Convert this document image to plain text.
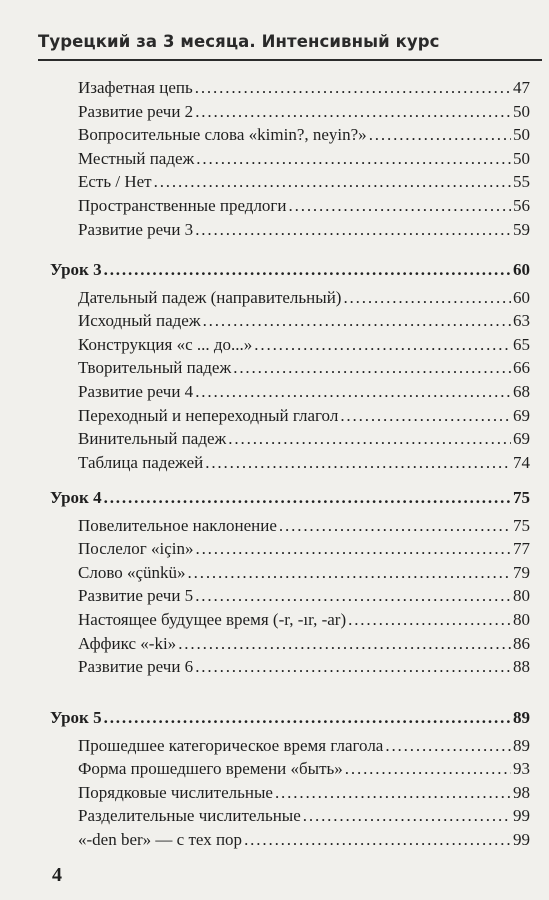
Турецкий за 3 месяца. Интенсивный курс
Изафетная цепь . . .	47
Развитие речи 2 . . .	50
Вопросительные слова «kimin?, neyin?» . . .	50
Местный падеж . . .	50
Есть / Нет . . .	55
Пространственные предлоги . . .	56
Развитие речи 3 . . .	59
Урок 3 . . .	60
Дательный падеж (направительный) . . .	60
Исходный падеж . . .	63
Конструкция «с ... до...» . . .	65
Творительный падеж . . .	66
Развитие речи 4 . . .	68
Переходный и непереходный глагол . . .	69
Винительный падеж . . .	69
Таблица падежей . . .	74
Урок 4 . . .	75
Повелительное наклонение . . .	75
Послелог «için» . . .	77
Слово «çünkü» . . .	79
Развитие речи 5 . . .	80
Настоящее будущее время (-r, -ır, -ar) . . .	80
Аффикс «-ki» . . .	86
Развитие речи 6 . . .	88
Урок 5 . . .	89
Прошедшее категорическое время глагола . . .	89
Форма прошедшего времени «быть» . . .	93
Порядковые числительные . . .	98
Разделительные числительные . . .	99
«-den ber» — с тех пор . . .	99
4
